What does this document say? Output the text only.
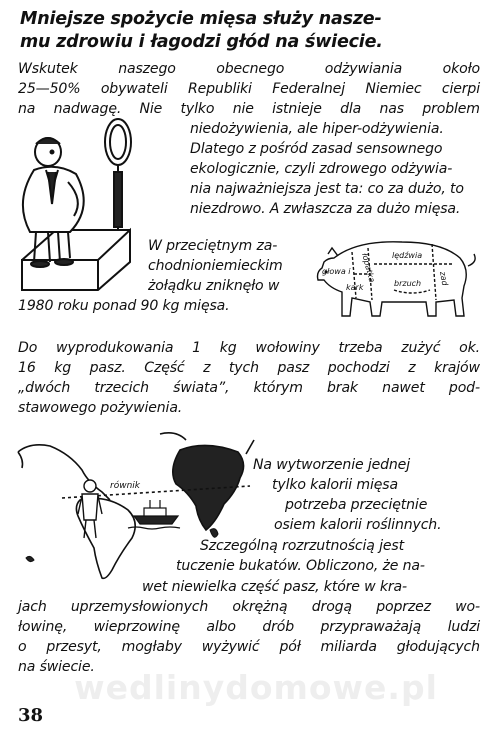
Mniejsze spożycie mięsa służy nasze-
mu zdrowiu i łagodzi głód na świecie.
Wskutek	naszego	obecnego	odżywiania	około
25—50% obywateli Republiki Federalnej Niemiec cierpi
na nadwagę. Nie tylko nie istnieje dla nas problem
niedożywienia, ale hiper-odżywienia.
Dlatego z pośród zasad sensownego
ekologicznie, czyli zdrowego odżywia-
nia najważniejsza jest ta: co za dużo, to
niezdrowo. A zwłaszcza za dużo mięsa.
W przeciętnym za-
chodnioniemieckim
żołądku zniknęło w
1980 roku ponad 90 kg mięsa.
lędźwia
głowa i łopatka	zad
brzuch
kark
Do wyprodukowania 1 kg wołowiny trzeba zużyć ok.
16 kg pasz. Część z tych pasz pochodzi z krajów
„dwóch trzecich świata”, którym brak nawet pod-
stawowego pożywienia.
równik
Na wytworzenie jednej
tylko kalorii mięsa
potrzeba przeciętnie
osiem kalorii roślinnych.
Szczególną rozrzutnością jest
tuczenie bukatów. Obliczono, że na-
wet niewielka część pasz, które w kra-
jach uprzemysłowionych okrężną drogą poprzez wo-
łowinę, wieprzowinę albo drób przypraważają ludzi
o przesyt, mogłaby wyżywić pół miliarda głodujących
na świecie.
wedlinydomowe.pl
38
